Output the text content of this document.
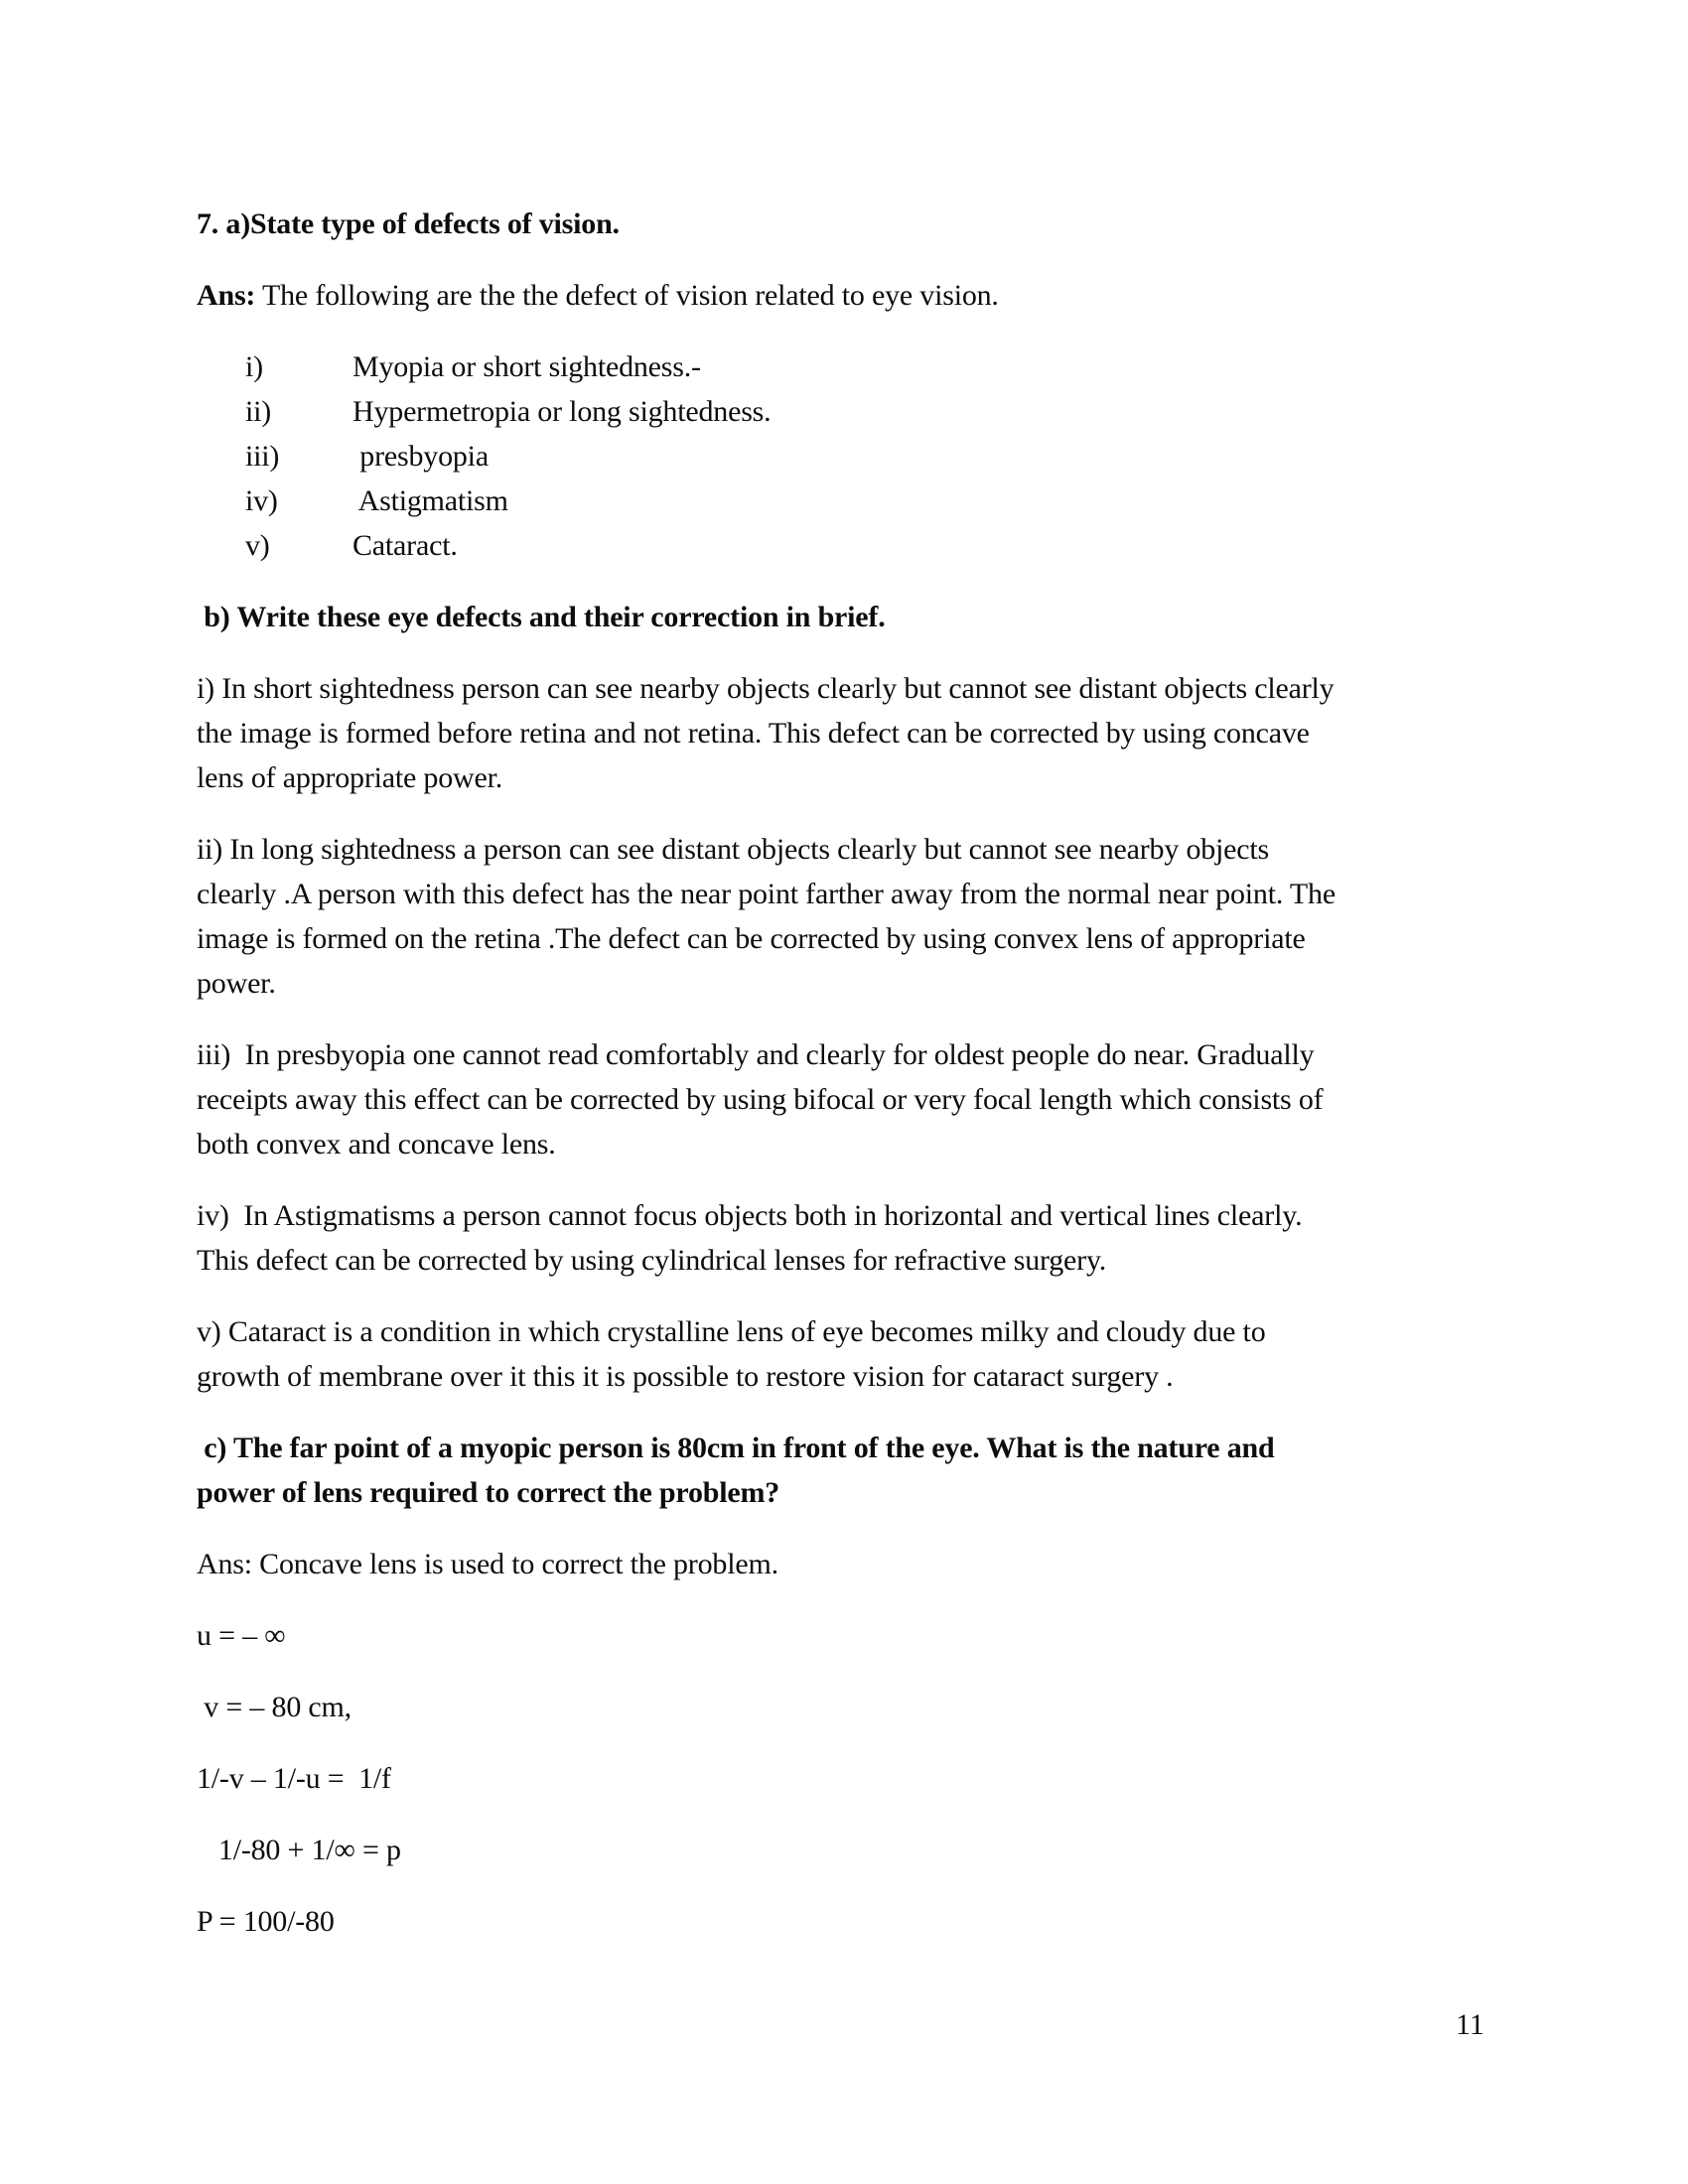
7. a)State type of defects of vision.
Ans: The following are the the defect of vision related to eye vision.
i)	Myopia or short sightedness.-
ii)	Hypermetropia or long sightedness.
iii)	presbyopia
iv)	Astigmatism
v)	Cataract.
b) Write these eye defects and their correction in brief.
i) In short sightedness person can see nearby objects clearly but cannot see distant objects clearly
the image is formed before retina and not retina. This defect can be corrected by using concave
lens of appropriate power.
ii) In long sightedness a person can see distant objects clearly but cannot see nearby objects
clearly .A person with this defect has the near point farther away from the normal near point. The
image is formed on the retina .The defect can be corrected by using convex lens of appropriate
power.
iii)  In presbyopia one cannot read comfortably and clearly for oldest people do near. Gradually
receipts away this effect can be corrected by using bifocal or very focal length which consists of
both convex and concave lens.
iv)  In Astigmatisms a person cannot focus objects both in horizontal and vertical lines clearly.
This defect can be corrected by using cylindrical lenses for refractive surgery.
v) Cataract is a condition in which crystalline lens of eye becomes milky and cloudy due to
growth of membrane over it this it is possible to restore vision for cataract surgery .
c) The far point of a myopic person is 80cm in front of the eye. What is the nature and
power of lens required to correct the problem?
Ans: Concave lens is used to correct the problem.
u = – ∞
v = – 80 cm,
1/-v – 1/-u =  1/f
1/-80 + 1/∞ = p
P = 100/-80
11
